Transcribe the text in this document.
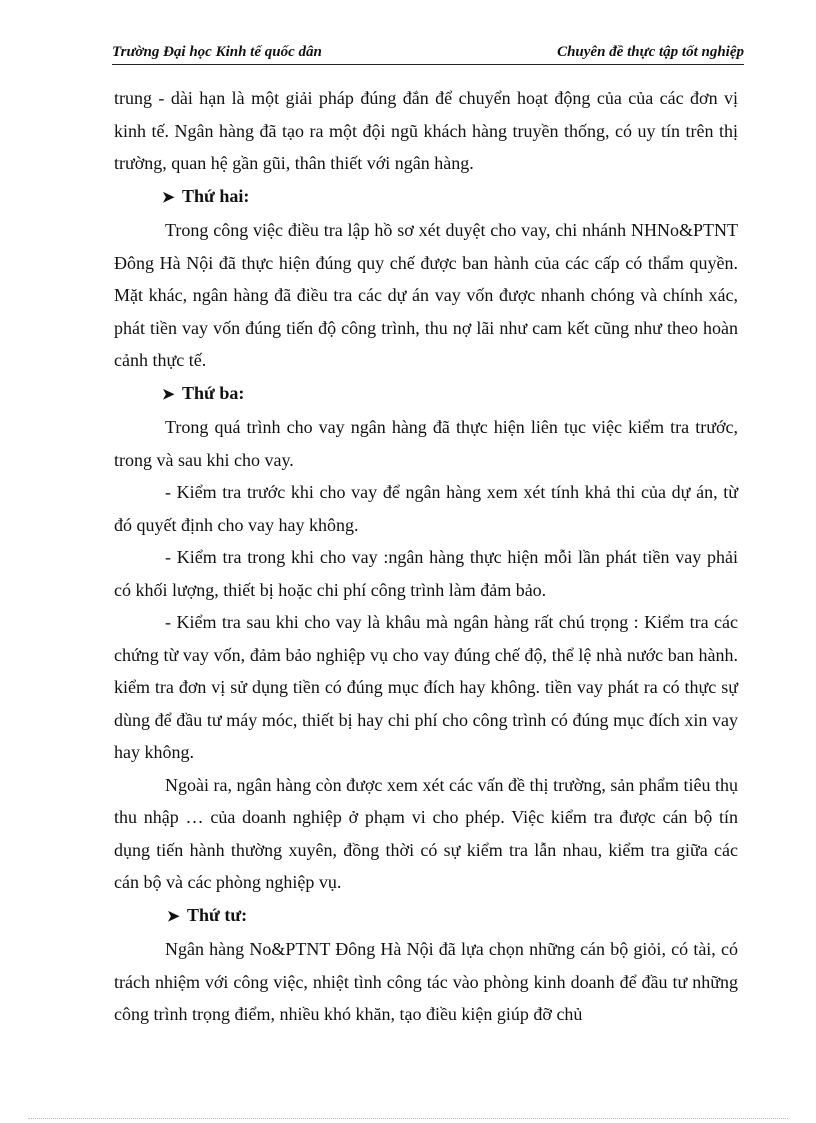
Trường Đại học Kinh tế quốc dân	Chuyên đề thực tập tốt nghiệp

trung - dài hạn là một giải pháp đúng đắn để chuyển hoạt động của của các đơn vị kinh tế. Ngân hàng đã tạo ra một đội ngũ khách hàng truyền thống, có uy tín trên thị trường, quan hệ gần gũi, thân thiết với ngân hàng.

➤ Thứ hai:

Trong công việc điều tra lập hồ sơ xét duyệt cho vay, chi nhánh NHNo&PTNT Đông Hà Nội đã thực hiện đúng quy chế được ban hành của các cấp có thẩm quyền. Mặt khác, ngân hàng đã điều tra các dự án vay vốn được nhanh chóng và chính xác, phát tiền vay vốn đúng tiến độ công trình, thu nợ lãi như cam kết cũng như theo hoàn cảnh thực tế.

➤ Thứ ba:

Trong quá trình cho vay ngân hàng đã thực hiện liên tục việc kiểm tra trước, trong và sau khi cho vay.

- Kiểm tra trước khi cho vay để ngân hàng xem xét tính khả thi của dự án, từ đó quyết định cho vay hay không.

- Kiểm tra trong khi cho vay :ngân hàng thực hiện mỗi lần phát tiền vay phải có khối lượng, thiết bị hoặc chi phí công trình làm đảm bảo.

- Kiểm tra sau khi cho vay là khâu mà ngân hàng rất chú trọng : Kiểm tra các chứng từ vay vốn, đảm bảo nghiệp vụ cho vay đúng chế độ, thể lệ nhà nước ban hành. kiểm tra đơn vị sử dụng tiền có đúng mục đích hay không. tiền vay phát ra có thực sự dùng để đầu tư máy móc, thiết bị hay chi phí cho công trình có đúng mục đích xin vay hay không.

Ngoài ra, ngân hàng còn được xem xét các vấn đề thị trường, sản phẩm tiêu thụ thu nhập … của doanh nghiệp ở phạm vi cho phép. Việc kiểm tra được cán bộ tín dụng tiến hành thường xuyên, đồng thời có sự kiểm tra lẫn nhau, kiểm tra giữa các cán bộ và các phòng nghiệp vụ.

➤ Thứ tư:

Ngân hàng No&PTNT Đông Hà Nội đã lựa chọn những cán bộ giỏi, có tài, có trách nhiệm với công việc, nhiệt tình công tác vào phòng kinh doanh để đầu tư những công trình trọng điểm, nhiều khó khăn, tạo điều kiện giúp đỡ chủ
